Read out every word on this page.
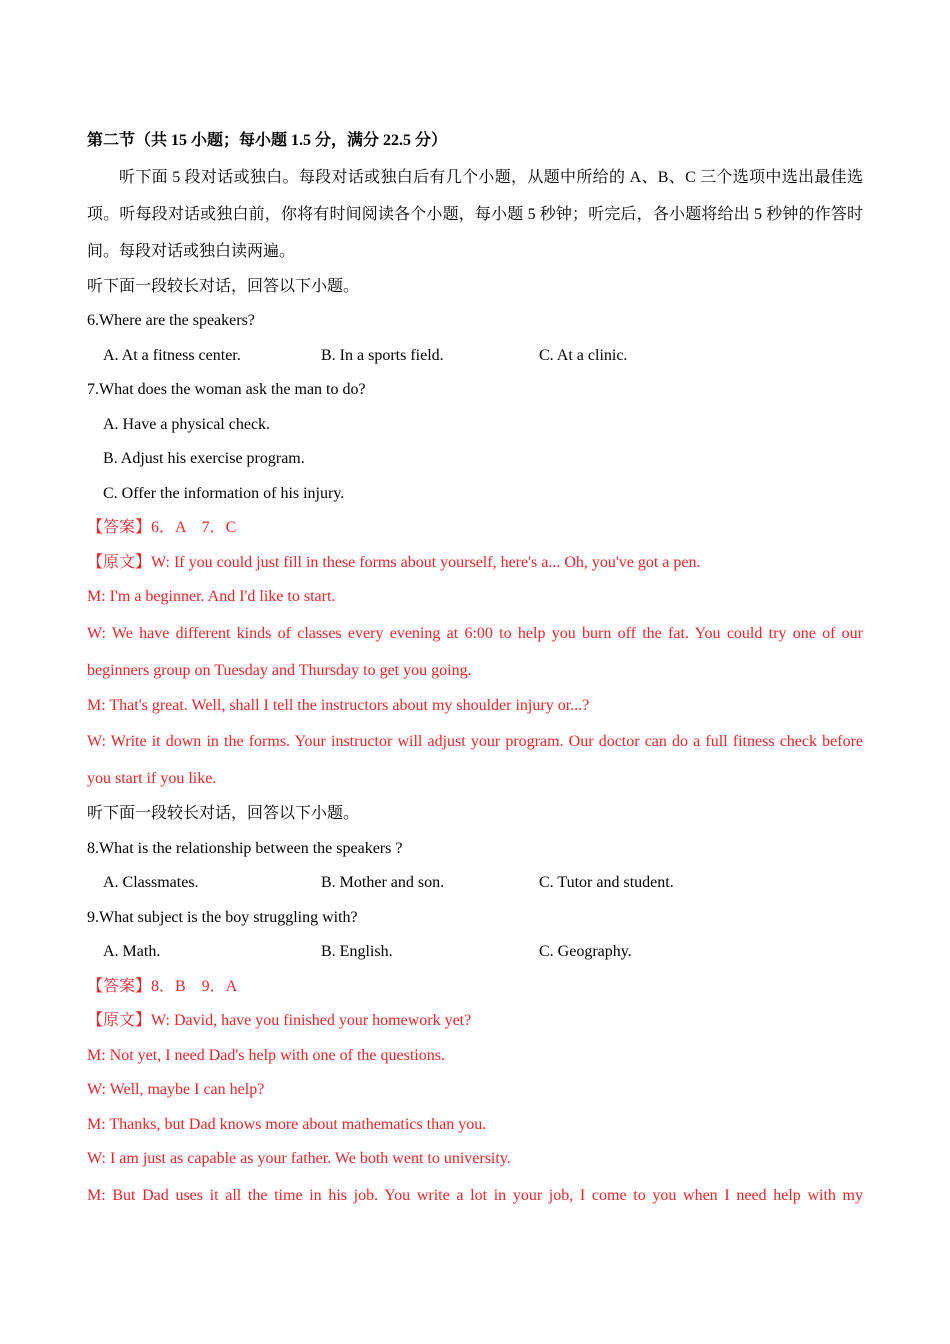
第二节（共 15 小题；每小题 1.5 分，满分 22.5 分）
听下面 5 段对话或独白。每段对话或独白后有几个小题，从题中所给的 A、B、C 三个选项中选出最佳选项。听每段对话或独白前，你将有时间阅读各个小题，每小题 5 秒钟；听完后，各小题将给出 5 秒钟的作答时间。每段对话或独白读两遍。
听下面一段较长对话，回答以下小题。
6.Where are the speakers?
A. At a fitness center.	B. In a sports field.	C. At a clinic.
7.What does the woman ask the man to do?
A. Have a physical check.
B. Adjust his exercise program.
C. Offer the information of his injury.
【答案】6．A　7．C
【原文】W: If you could just fill in these forms about yourself, here's a... Oh, you've got a pen.
M: I'm a beginner. And I'd like to start.
W: We have different kinds of classes every evening at 6:00 to help you burn off the fat. You could try one of our beginners group on Tuesday and Thursday to get you going.
M: That's great. Well, shall I tell the instructors about my shoulder injury or...?
W: Write it down in the forms. Your instructor will adjust your program. Our doctor can do a full fitness check before you start if you like.
听下面一段较长对话，回答以下小题。
8.What is the relationship between the speakers ?
A. Classmates.	B. Mother and son.	C. Tutor and student.
9.What subject is the boy struggling with?
A. Math.	B. English.	C. Geography.
【答案】8．B　9．A
【原文】W: David, have you finished your homework yet?
M: Not yet, I need Dad's help with one of the questions.
W: Well, maybe I can help?
M: Thanks, but Dad knows more about mathematics than you.
W: I am just as capable as your father. We both went to university.
M: But Dad uses it all the time in his job. You write a lot in your job, I come to you when I need help with my
